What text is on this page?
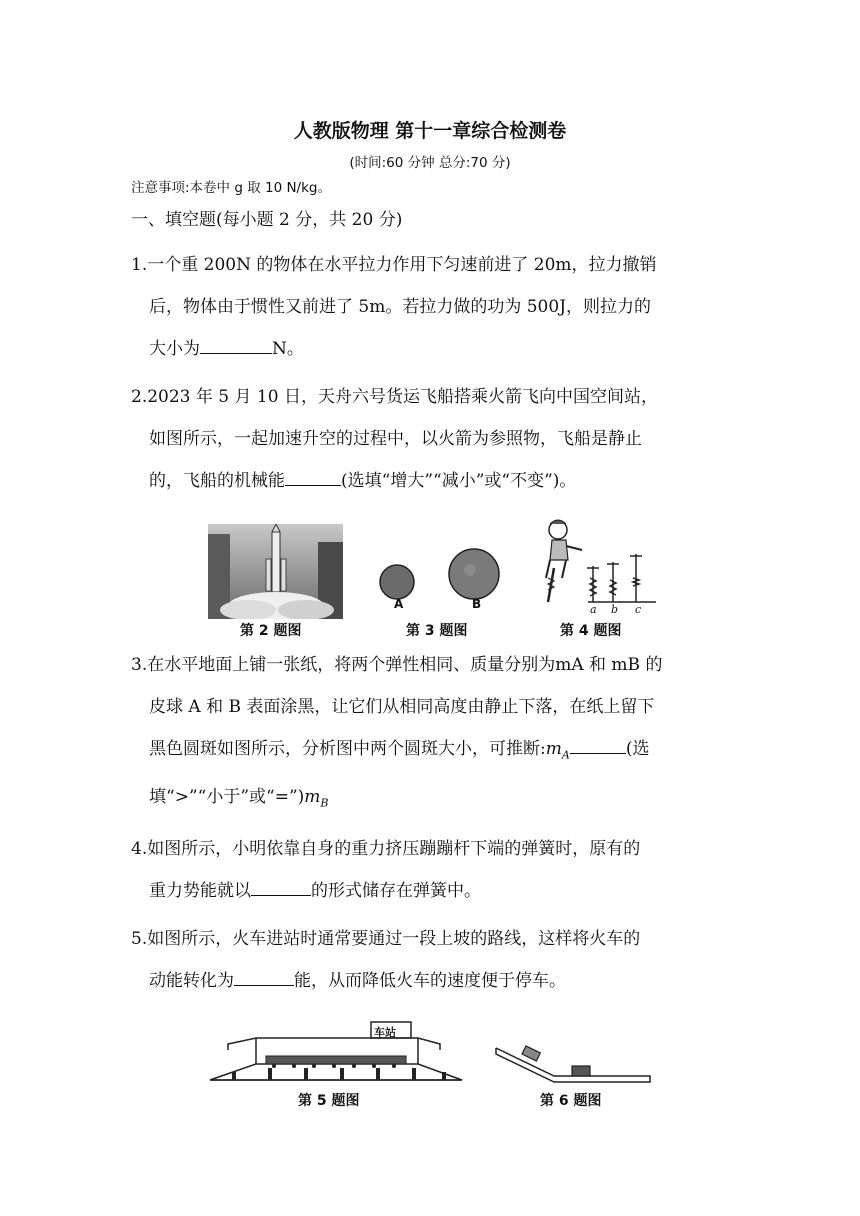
人教版物理 第十一章综合检测卷
(时间:60 分钟 总分:70 分)
注意事项:本卷中 g 取 10 N/kg。
一、填空题(每小题 2 分，共 20 分)
1.一个重 200N 的物体在水平拉力作用下匀速前进了 20m，拉力撤销
后，物体由于惯性又前进了 5m。若拉力做的功为 500J，则拉力的
大小为	N。
2.2023 年 5 月 10 日，天舟六号货运飞船搭乘火箭飞向中国空间站，
如图所示，一起加速升空的过程中，以火箭为参照物，飞船是静止
的，飞船的机械能	(选填“增大”“减小”或“不变”)。
第 2 题图
A	B
第 3 题图
a b c
第 4 题图
3.在水平地面上铺一张纸，将两个弹性相同、质量分别为mA 和 mB 的
皮球 A 和 B 表面涂黑，让它们从相同高度由静止下落，在纸上留下
黑色圆斑如图所示，分析图中两个圆斑大小，可推断$:m_A$	(选
填“>”“小于”或“$=”)m_B$
4.如图所示，小明依靠自身的重力挤压蹦蹦杆下端的弹簧时，原有的
重力势能就以	的形式储存在弹簧中。
5.如图所示，火车进站时通常要通过一段上坡的路线，这样将火车的
动能转化为	能，从而降低火车的速度便于停车。
车站
第 5 题图	第 6 题图
